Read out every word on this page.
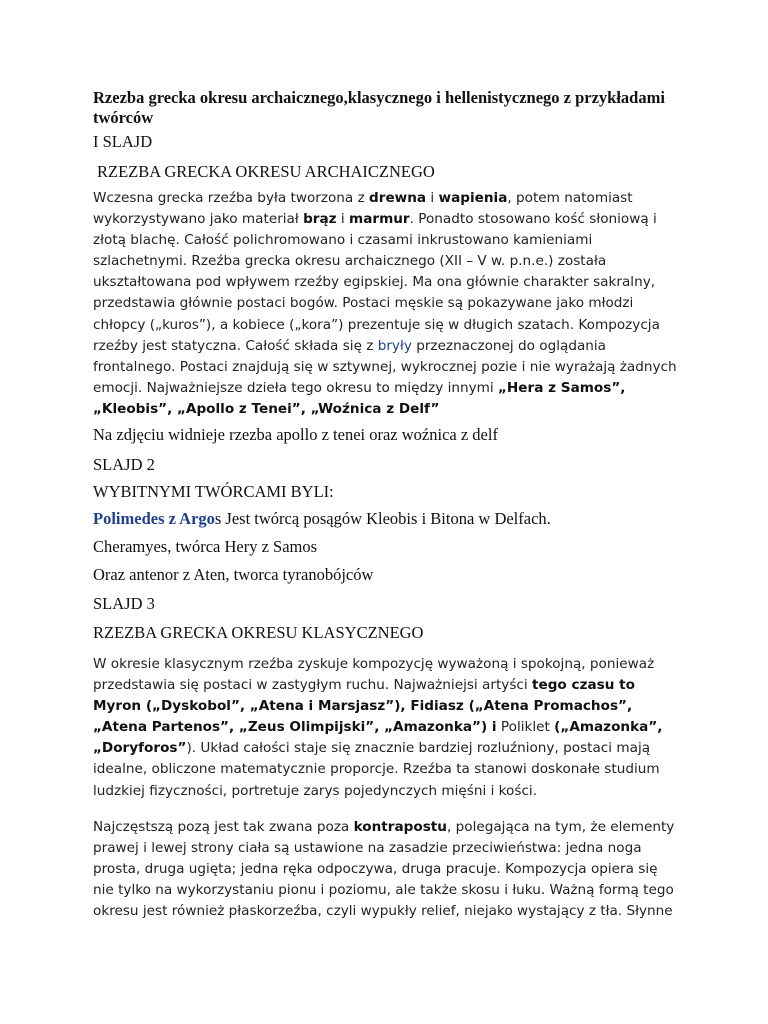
Rzezba grecka okresu archaicznego,klasycznego i hellenistycznego z przykładami twórców

I SLAJD

RZEZBA GRECKA OKRESU ARCHAICZNEGO

Wczesna grecka rzeźba była tworzona z drewna i wapienia, potem natomiast wykorzystywano jako materiał brąz i marmur. Ponadto stosowano kość słoniową i złotą blachę. Całość polichromowano i czasami inkrustowano kamieniami szlachetnymi. Rzeźba grecka okresu archaicznego (XII – V w. p.n.e.) została ukształtowana pod wpływem rzeźby egipskiej. Ma ona głównie charakter sakralny, przedstawia głównie postaci bogów. Postaci męskie są pokazywane jako młodzi chłopcy („kuros”), a kobiece („kora”) prezentuje się w długich szatach. Kompozycja rzeźby jest statyczna. Całość składa się z bryły przeznaczonej do oglądania frontalnego. Postaci znajdują się w sztywnej, wykrocznej pozie i nie wyrażają żadnych emocji. Najważniejsze dzieła tego okresu to między innymi „Hera z Samos”, „Kleobis”, „Apollo z Tenei”, „Woźnica z Delf”

Na zdjęciu widnieje rzezba apollo z tenei oraz woźnica z delf

SLAJD 2

WYBITNYMI TWÓRCAMI BYLI:

Polimedes z Argos Jest twórcą posągów Kleobis i Bitona w Delfach.

Cheramyes, twórca Hery z Samos

Oraz antenor z Aten, tworca tyranobójców

SLAJD 3

RZEZBA GRECKA OKRESU KLASYCZNEGO

W okresie klasycznym rzeźba zyskuje kompozycję wyważoną i spokojną, ponieważ przedstawia się postaci w zastygłym ruchu. Najważniejsi artyści tego czasu to Myron („Dyskobol”, „Atena i Marsjasz”), Fidiasz („Atena Promachos”, „Atena Partenos”, „Zeus Olimpijski”, „Amazonka”) i Poliklet („Amazonka”, „Doryforos”). Układ całości staje się znacznie bardziej rozluźniony, postaci mają idealne, obliczone matematycznie proporcje. Rzeźba ta stanowi doskonałe studium ludzkiej fizyczności, portretuje zarys pojedynczych mięśni i kości.

Najczęstszą pozą jest tak zwana poza kontrapostu, polegająca na tym, że elementy prawej i lewej strony ciała są ustawione na zasadzie przeciwieństwa: jedna noga prosta, druga ugięta; jedna ręka odpoczywa, druga pracuje. Kompozycja opiera się nie tylko na wykorzystaniu pionu i poziomu, ale także skosu i łuku. Ważną formą tego okresu jest również płaskorzeźba, czyli wypukły relief, niejako wystający z tła. Słynne
